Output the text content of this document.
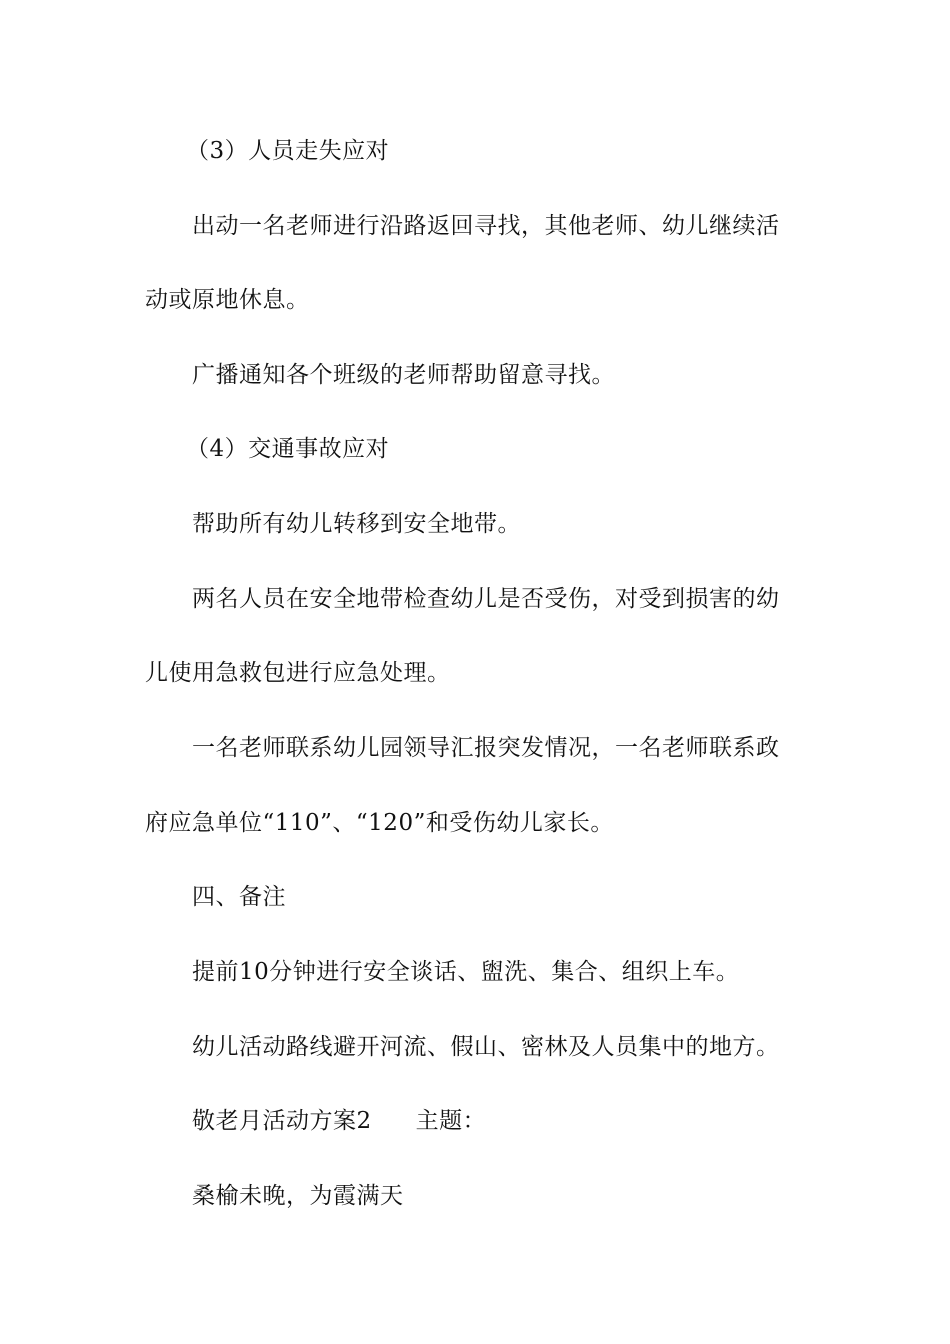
（3）人员走失应对
出动一名老师进行沿路返回寻找，其他老师、幼儿继续活
动或原地休息。
广播通知各个班级的老师帮助留意寻找。
（4）交通事故应对
帮助所有幼儿转移到安全地带。
两名人员在安全地带检查幼儿是否受伤，对受到损害的幼
儿使用急救包进行应急处理。
一名老师联系幼儿园领导汇报突发情况，一名老师联系政
府应急单位“110”、“120”和受伤幼儿家长。
四、备注
提前10分钟进行安全谈话、盥洗、集合、组织上车。
幼儿活动路线避开河流、假山、密林及人员集中的地方。
敬老月活动方案2 主题：
桑榆未晚，为霞满天
